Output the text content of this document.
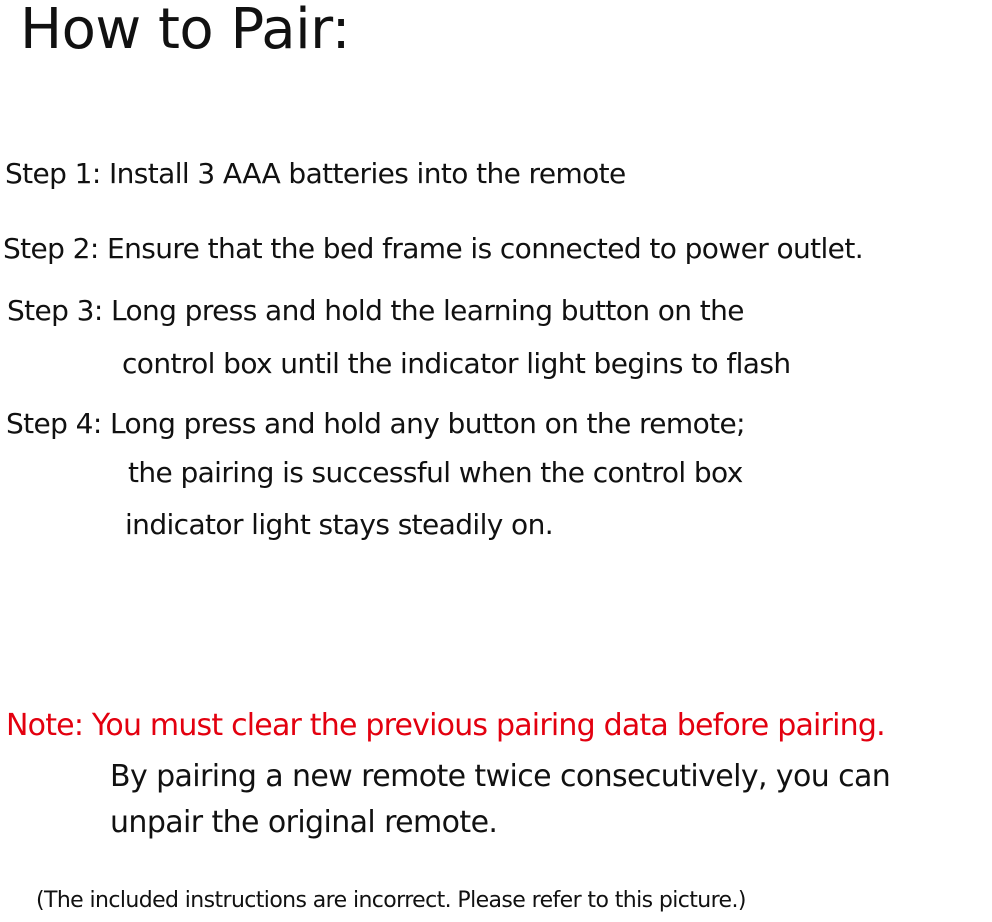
How to Pair:
Step 1: Install 3 AAA batteries into the remote
Step 2: Ensure that the bed frame is connected to power outlet.
Step 3: Long press and hold the learning button on the
control box until the indicator light begins to flash
Step 4: Long press and hold any button on the remote;
the pairing is successful when the control box
indicator light stays steadily on.
Note: You must clear the previous pairing data before pairing.
By pairing a new remote twice consecutively, you can
unpair the original remote.
(The included instructions are incorrect. Please refer to this picture.)
